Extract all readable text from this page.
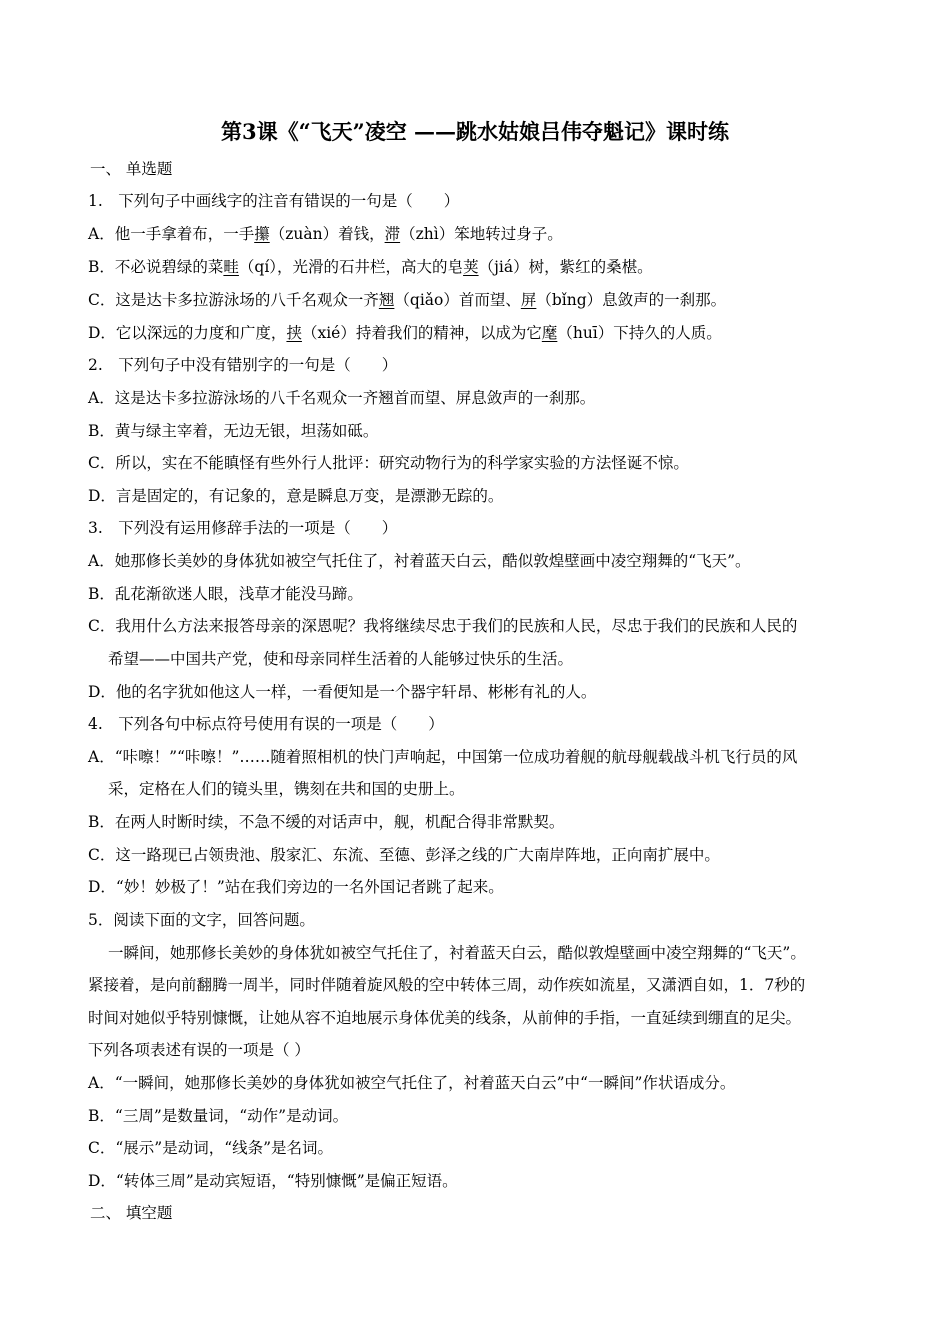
第3课《“飞天”凌空 ——跳水姑娘吕伟夺魁记》课时练
一、 单选题
1.　下列句子中画线字的注音有错误的一句是（　　）
A．他一手拿着布，一手攥（zuàn）着钱，滞（zhì）笨地转过身子。
B．不必说碧绿的菜畦（qí），光滑的石井栏，高大的皂荚（jiá）树，紫红的桑椹。
C．这是达卡多拉游泳场的八千名观众一齐翘（qiǎo）首而望、屏（bǐng）息敛声的一刹那。
D．它以深远的力度和广度，挟（xié）持着我们的精神，以成为它麾（huī）下持久的人质。
2.　下列句子中没有错别字的一句是（　　）
A．这是达卡多拉游泳场的八千名观众一齐翘首而望、屏息敛声的一刹那。
B．黄与绿主宰着，无边无银，坦荡如砥。
C．所以，实在不能瞋怪有些外行人批评：研究动物行为的科学家实验的方法怪诞不惊。
D．言是固定的，有记象的，意是瞬息万变，是漂渺无踪的。
3.　下列没有运用修辞手法的一项是（　　）
A．她那修长美妙的身体犹如被空气托住了，衬着蓝天白云，酷似敦煌壁画中凌空翔舞的“飞天”。
B．乱花渐欲迷人眼，浅草才能没马蹄。
C．我用什么方法来报答母亲的深恩呢？我将继续尽忠于我们的民族和人民，尽忠于我们的民族和人民的
希望——中国共产党，使和母亲同样生活着的人能够过快乐的生活。
D．他的名字犹如他这人一样，一看便知是一个器宇轩昂、彬彬有礼的人。
4.　下列各句中标点符号使用有误的一项是（　　）
A．“咔嚓！”“咔嚓！”……随着照相机的快门声响起，中国第一位成功着舰的航母舰载战斗机飞行员的风
采，定格在人们的镜头里，镌刻在共和国的史册上。
B．在两人时断时续，不急不缓的对话声中，舰，机配合得非常默契。
C．这一路现已占领贵池、殷家汇、东流、至德、彭泽之线的广大南岸阵地，正向南扩展中。
D．“妙！妙极了！”站在我们旁边的一名外国记者跳了起来。
5．阅读下面的文字，回答问题。
一瞬间，她那修长美妙的身体犹如被空气托住了，衬着蓝天白云，酷似敦煌壁画中凌空翔舞的“飞天”。
紧接着，是向前翻腾一周半，同时伴随着旋风般的空中转体三周，动作疾如流星，又潇洒自如，1．7秒的
时间对她似乎特别慷慨，让她从容不迫地展示身体优美的线条，从前伸的手指，一直延续到绷直的足尖。
下列各项表述有误的一项是（ ）
A．“一瞬间，她那修长美妙的身体犹如被空气托住了，衬着蓝天白云”中“一瞬间”作状语成分。
B．“三周”是数量词，“动作”是动词。
C．“展示”是动词，“线条”是名词。
D．“转体三周”是动宾短语，“特别慷慨”是偏正短语。
二、 填空题
